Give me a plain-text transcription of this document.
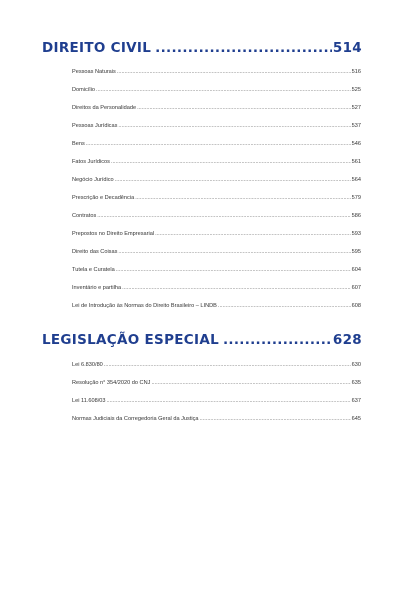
DIREITO CIVIL .....	514
Pessoas Naturais .....	516
Domicílio .....	525
Direitos da Personalidade .....	527
Pessoas Jurídicas .....	537
Bens .....	546
Fatos Jurídicos .....	561
Negócio Jurídico .....	564
Prescrição e Decadência .....	579
Contratos .....	586
Prepostos no Direito Empresarial .....	593
Direito das Coisas .....	595
Tutela e Curatela .....	604
Inventário e partilha .....	607
Lei de Introdução às Normas do Direito Brasileiro – LINDB .....	608
LEGISLAÇÃO ESPECIAL .....	628
Lei 6.830/80 .....	630
Resolução n° 354/2020 do CNJ .....	635
Lei 11.608/03 .....	637
Normas Judiciais da Corregedoria Geral da Justiça .....	645
